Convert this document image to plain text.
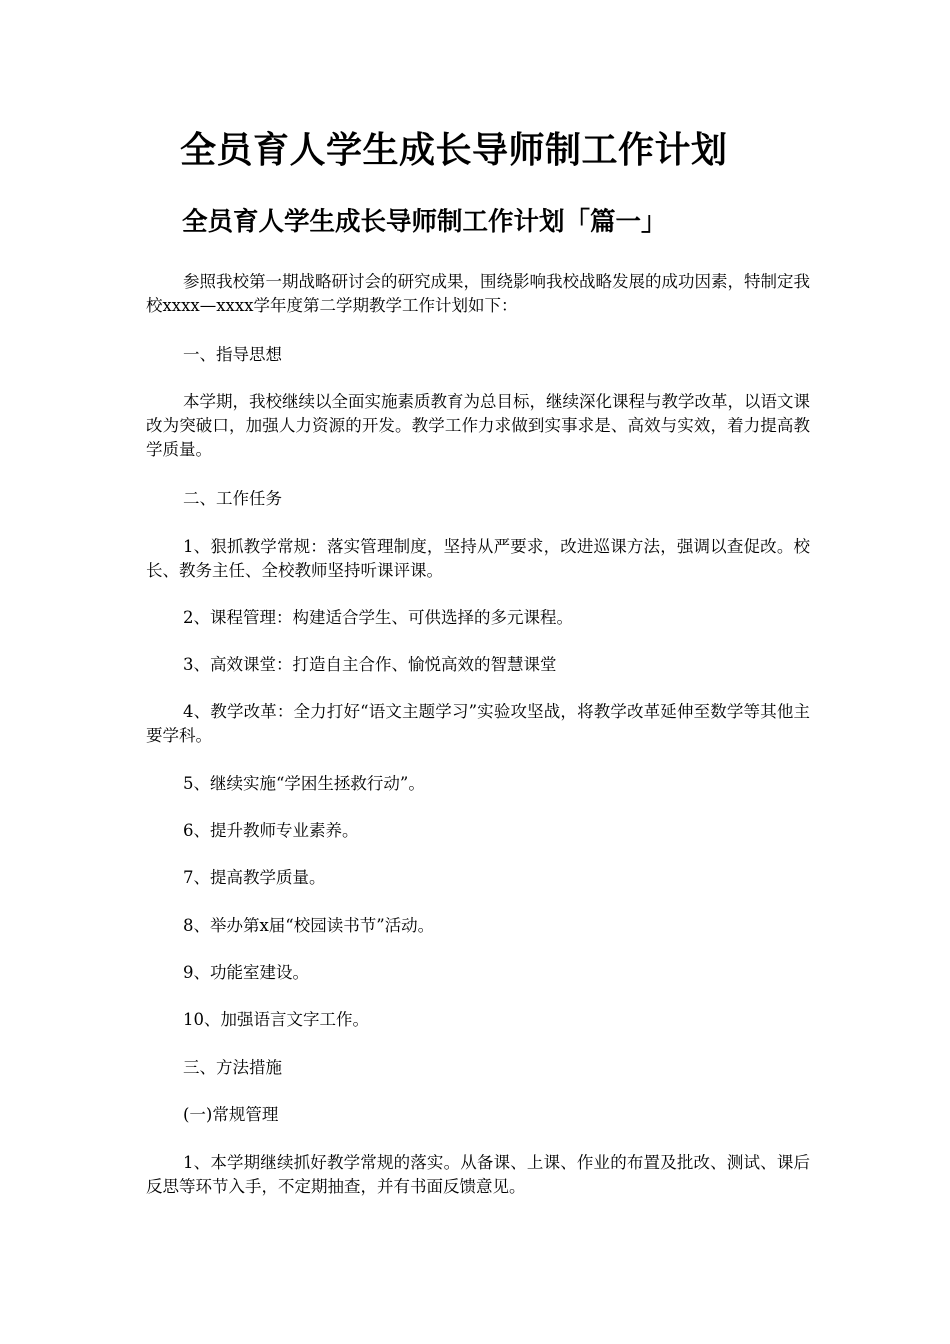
全员育人学生成长导师制工作计划
全员育人学生成长导师制工作计划「篇一」

参照我校第一期战略研讨会的研究成果，围绕影响我校战略发展的成功因素，特制定我校xxxx—xxxx学年度第二学期教学工作计划如下：

一、指导思想

本学期，我校继续以全面实施素质教育为总目标，继续深化课程与教学改革，以语文课改为突破口，加强人力资源的开发。教学工作力求做到实事求是、高效与实效，着力提高教学质量。

二、工作任务

1、狠抓教学常规：落实管理制度，坚持从严要求，改进巡课方法，强调以查促改。校长、教务主任、全校教师坚持听课评课。

2、课程管理：构建适合学生、可供选择的多元课程。

3、高效课堂：打造自主合作、愉悦高效的智慧课堂

4、教学改革：全力打好“语文主题学习”实验攻坚战，将教学改革延伸至数学等其他主要学科。

5、继续实施“学困生拯救行动”。

6、提升教师专业素养。

7、提高教学质量。

8、举办第x届“校园读书节”活动。

9、功能室建设。

10、加强语言文字工作。

三、方法措施

(一)常规管理

1、本学期继续抓好教学常规的落实。从备课、上课、作业的布置及批改、测试、课后反思等环节入手，不定期抽查，并有书面反馈意见。
